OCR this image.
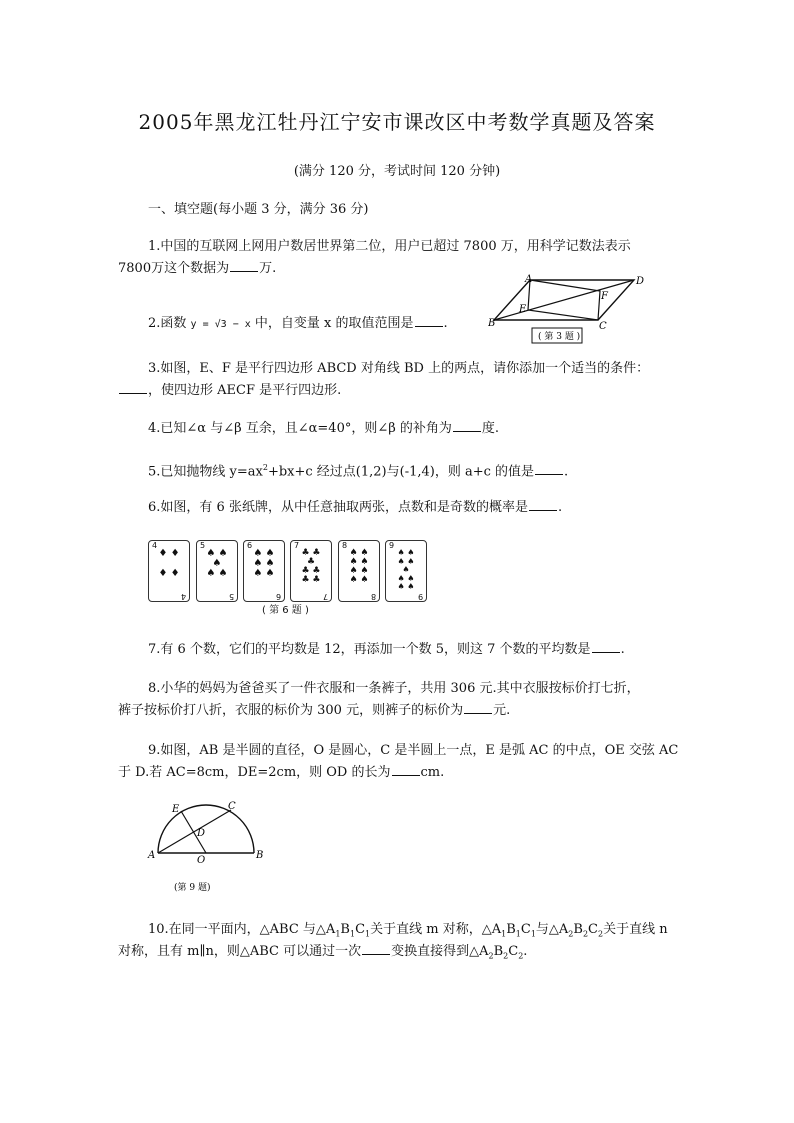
2005年黑龙江牡丹江宁安市课改区中考数学真题及答案
(满分 120 分，考试时间 120 分钟)
一、填空题(每小题 3 分，满分 36 分)
1.中国的互联网上网用户数居世界第二位，用户已超过 7800 万，用科学记数法表示
7800万这个数据为 万.
2.函数 y = √3 − x 中，自变量 x 的取值范围是 .
A	D
E
F
B	C
( 第 3 题 )
3.如图，E、F 是平行四边形 ABCD 对角线 BD 上的两点，请你添加一个适当的条件：
，使四边形 AECF 是平行四边形.
4.已知∠α 与∠β 互余，且∠α=40°，则∠β 的补角为 度.
5.已知抛物线 $y=ax^2+bx+c$ 经过点(1,2)与(-1,4)，则 a+c 的值是 .
6.如图，有 6 张纸牌，从中任意抽取两张，点数和是奇数的概率是 .
4
♦ ♦

♦ ♦
4
5
♠ ♠
♠
♠ ♠
5
6
♠ ♠
♠ ♠
♠ ♠
6
7
♣ ♣
♣
♣ ♣
♣ ♣
7
8
♠ ♠
♠ ♠
♠ ♠
♠ ♠
8
9
♠ ♠
♠ ♠
♠
♠ ♠
♠ ♠
9
( 第 6 题 )
7.有 6 个数，它们的平均数是 12，再添加一个数 5，则这 7 个数的平均数是 .
8.小华的妈妈为爸爸买了一件衣服和一条裤子，共用 306 元.其中衣服按标价打七折，
裤子按标价打八折，衣服的标价为 300 元，则裤子的标价为 元.
9.如图，AB 是半圆的直径，O 是圆心，C 是半圆上一点，E 是弧 AC 的中点，OE 交弦 AC
于 D.若 AC=8cm，DE=2cm，则 OD 的长为 cm.
E	C
D
A	O	B
(第 9 题)
10.在同一平面内，△ABC 与$\triangle A_1B_1C_1$关于直线 m 对称，$\triangle A_1B_1C_1$与$\triangle A_2B_2C_2$关于直线 n
对称，且有 m∥n，则△ABC 可以通过一次 变换直接得到$\triangle A_2B_2C_2$.
